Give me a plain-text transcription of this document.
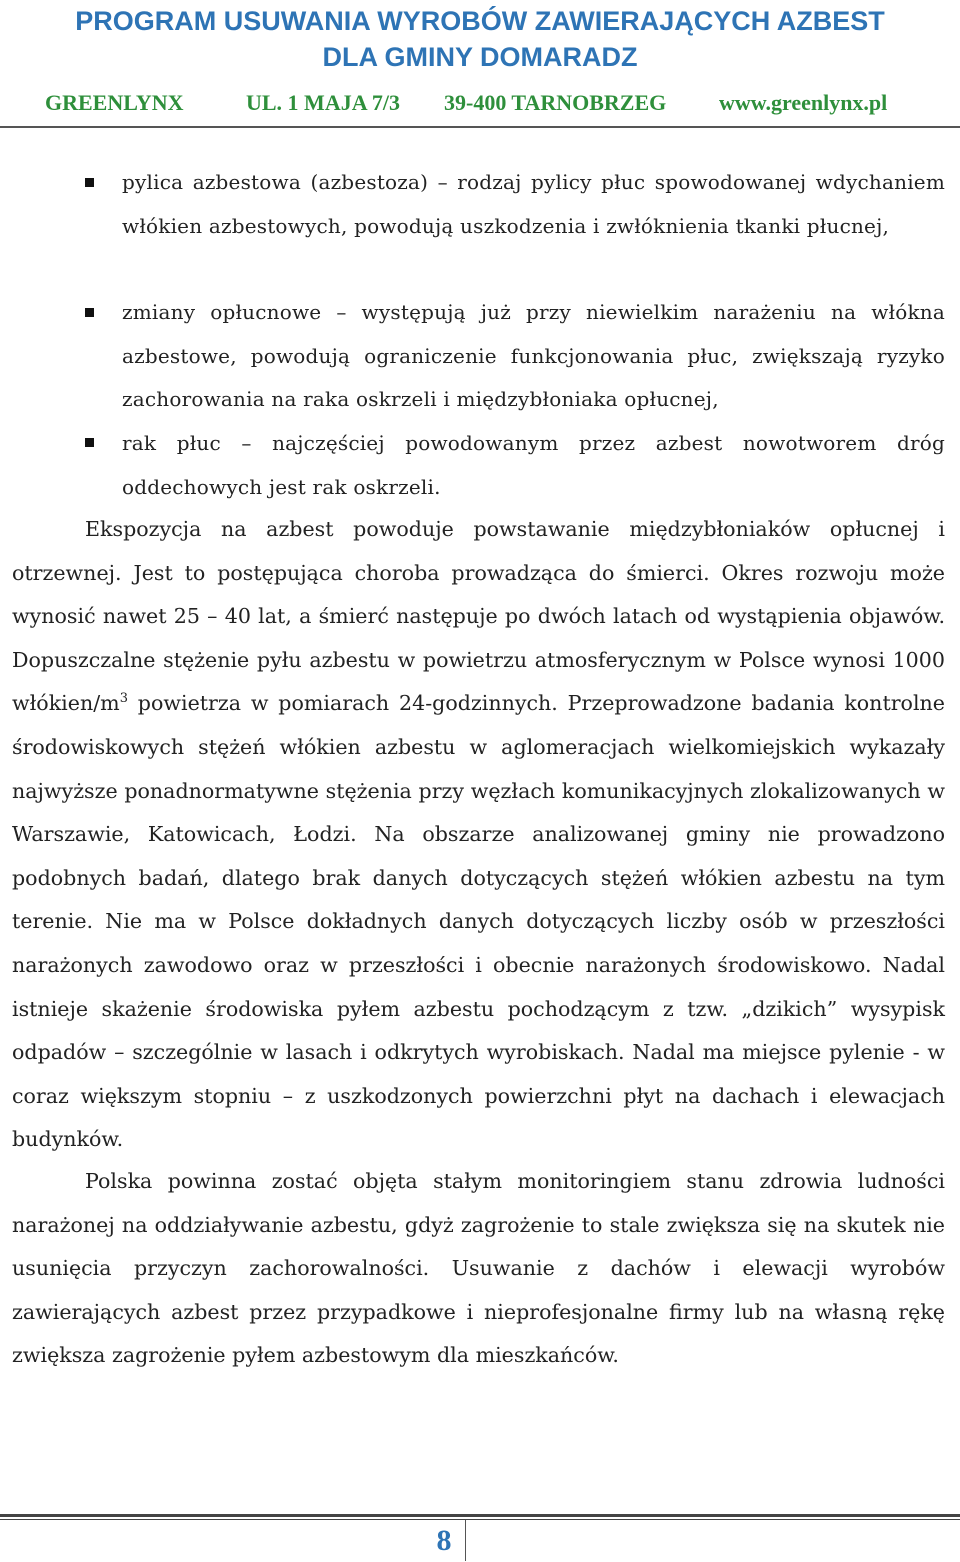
PROGRAM USUWANIA WYROBÓW ZAWIERAJĄCYCH AZBEST
DLA GMINY DOMARADZ
GREENLYNX	UL. 1 MAJA 7/3 39-400 TARNOBRZEG www.greenlynx.pl
pylica azbestowa (azbestoza) – rodzaj pylicy płuc spowodowanej wdychaniem włókien azbestowych, powodują uszkodzenia i zwłóknienia tkanki płucnej,
zmiany opłucnowe – występują już przy niewielkim narażeniu na włókna azbestowe, powodują ograniczenie funkcjonowania płuc, zwiększają ryzyko zachorowania na raka oskrzeli i międzybłoniaka opłucnej,
rak płuc – najczęściej powodowanym przez azbest nowotworem dróg oddechowych jest rak oskrzeli.
Ekspozycja na azbest powoduje powstawanie międzybłoniaków opłucnej i otrzewnej. Jest to postępująca choroba prowadząca do śmierci. Okres rozwoju może wynosić nawet 25 – 40 lat, a śmierć następuje po dwóch latach od wystąpienia objawów. Dopuszczalne stężenie pyłu azbestu w powietrzu atmosferycznym w Polsce wynosi 1000 włókien/$m^3$ powietrza w pomiarach 24-godzinnych. Przeprowadzone badania kontrolne środowiskowych stężeń włókien azbestu w aglomeracjach wielkomiejskich wykazały najwyższe ponadnormatywne stężenia przy węzłach komunikacyjnych zlokalizowanych w Warszawie, Katowicach, Łodzi. Na obszarze analizowanej gminy nie prowadzono podobnych badań, dlatego brak danych dotyczących stężeń włókien azbestu na tym terenie. Nie ma w Polsce dokładnych danych dotyczących liczby osób w przeszłości narażonych zawodowo oraz w przeszłości i obecnie narażonych środowiskowo. Nadal istnieje skażenie środowiska pyłem azbestu pochodzącym z tzw. „dzikich” wysypisk odpadów – szczególnie w lasach i odkrytych wyrobiskach. Nadal ma miejsce pylenie - w coraz większym stopniu – z uszkodzonych powierzchni płyt na dachach i elewacjach budynków.
Polska powinna zostać objęta stałym monitoringiem stanu zdrowia ludności narażonej na oddziaływanie azbestu, gdyż zagrożenie to stale zwiększa się na skutek nie usunięcia przyczyn zachorowalności. Usuwanie z dachów i elewacji wyrobów zawierających azbest przez przypadkowe i nieprofesjonalne firmy lub na własną rękę zwiększa zagrożenie pyłem azbestowym dla mieszkańców.
8
